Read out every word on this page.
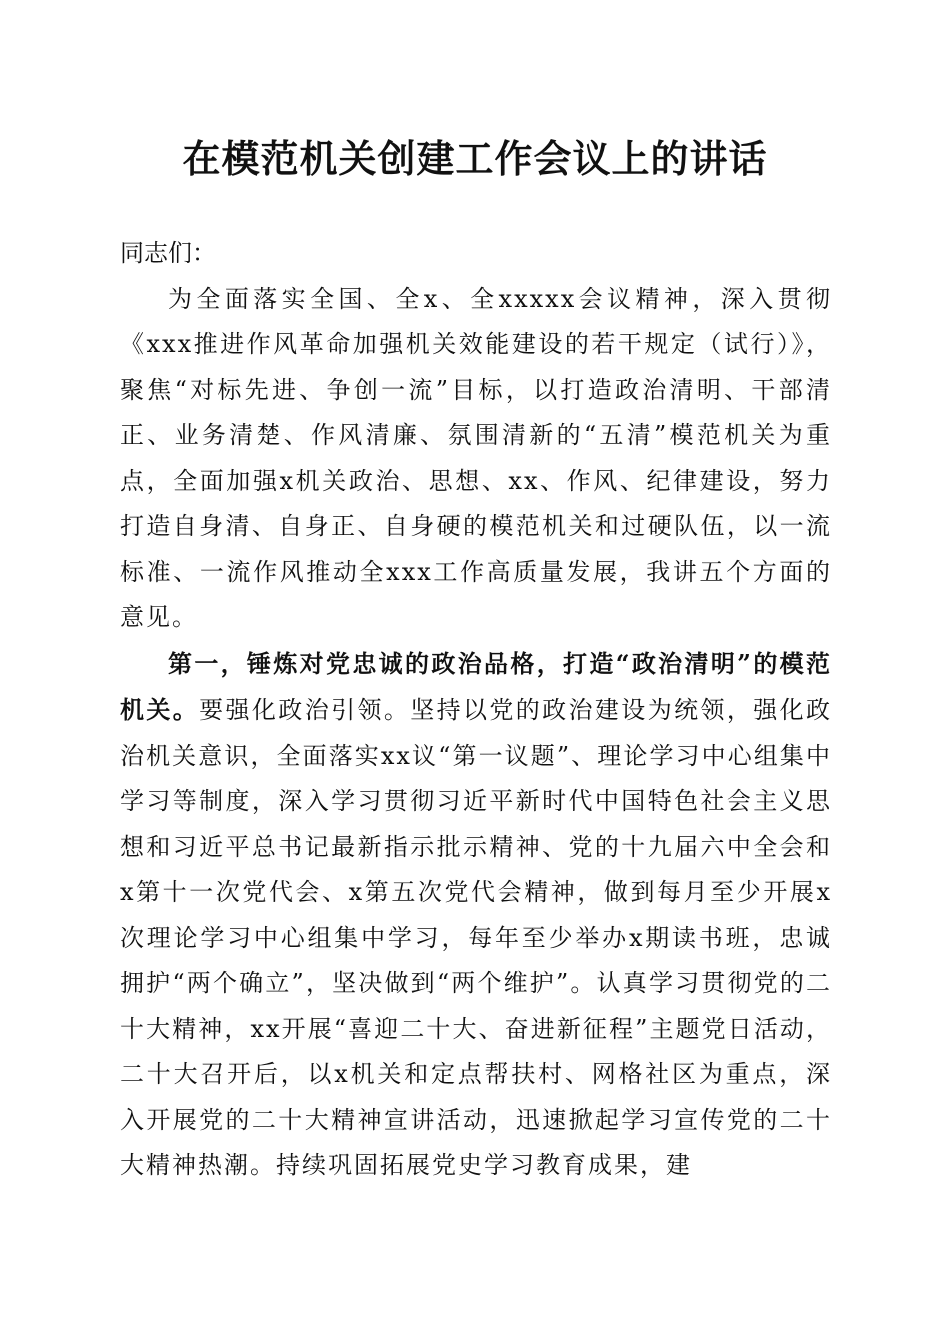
在模范机关创建工作会议上的讲话

同志们：

为全面落实全国、全x、全xxxxx会议精神，深入贯彻《xxx推进作风革命加强机关效能建设的若干规定（试行）》，聚焦“对标先进、争创一流”目标，以打造政治清明、干部清正、业务清楚、作风清廉、氛围清新的“五清”模范机关为重点，全面加强x机关政治、思想、xx、作风、纪律建设，努力打造自身清、自身正、自身硬的模范机关和过硬队伍，以一流标准、一流作风推动全xxx工作高质量发展，我讲五个方面的意见。

第一，锤炼对党忠诚的政治品格，打造“政治清明”的模范机关。要强化政治引领。坚持以党的政治建设为统领，强化政治机关意识，全面落实xx议“第一议题”、理论学习中心组集中学习等制度，深入学习贯彻习近平新时代中国特色社会主义思想和习近平总书记最新指示批示精神、党的十九届六中全会和x第十一次党代会、x第五次党代会精神，做到每月至少开展x次理论学习中心组集中学习，每年至少举办x期读书班，忠诚拥护“两个确立”，坚决做到“两个维护”。认真学习贯彻党的二十大精神，xx开展“喜迎二十大、奋进新征程”主题党日活动，二十大召开后，以x机关和定点帮扶村、网格社区为重点，深入开展党的二十大精神宣讲活动，迅速掀起学习宣传党的二十大精神热潮。持续巩固拓展党史学习教育成果，建
